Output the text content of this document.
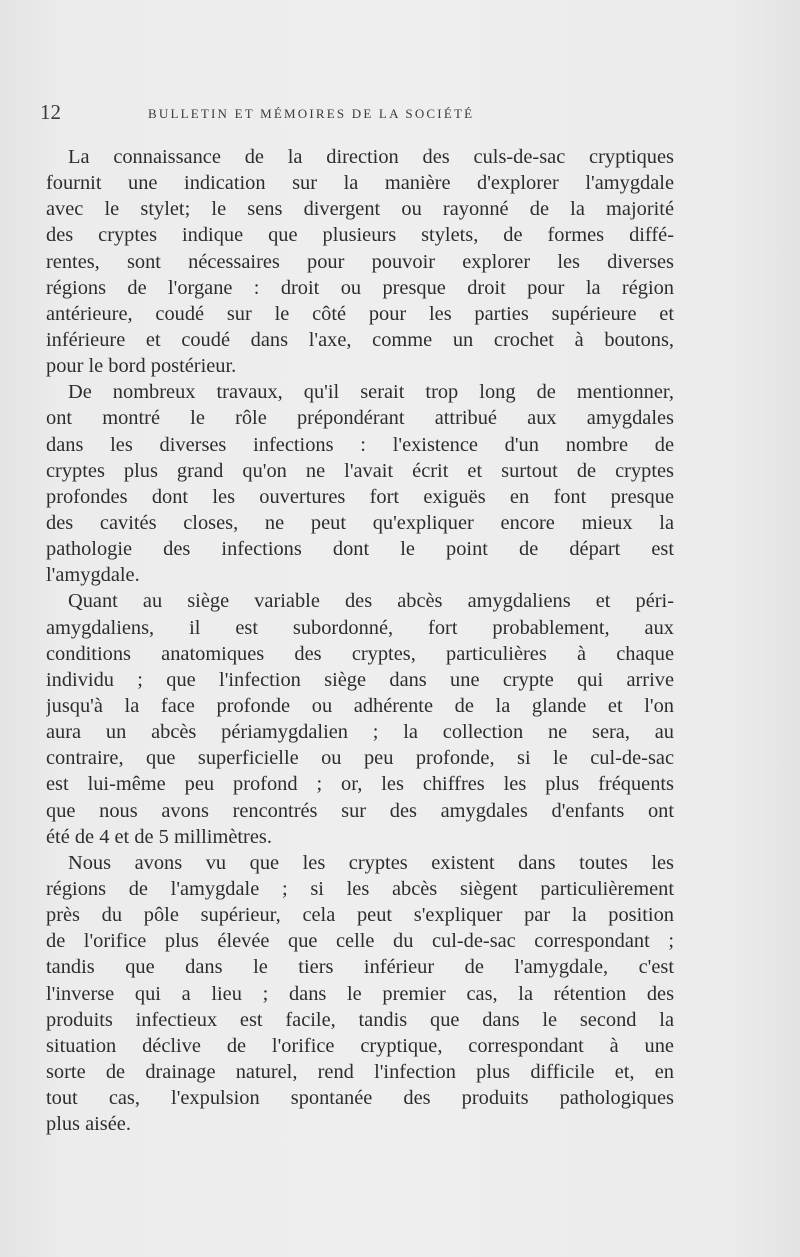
12	BULLETIN ET MÉMOIRES DE LA SOCIÉTÉ
La connaissance de la direction des culs-de-sac cryptiques
fournit une indication sur la manière d'explorer l'amygdale
avec le stylet; le sens divergent ou rayonné de la majorité
des cryptes indique que plusieurs stylets, de formes diffé-
rentes, sont nécessaires pour pouvoir explorer les diverses
régions de l'organe : droit ou presque droit pour la région
antérieure, coudé sur le côté pour les parties supérieure et
inférieure et coudé dans l'axe, comme un crochet à boutons,
pour le bord postérieur.
De nombreux travaux, qu'il serait trop long de mentionner,
ont montré le rôle prépondérant attribué aux amygdales
dans les diverses infections : l'existence d'un nombre de
cryptes plus grand qu'on ne l'avait écrit et surtout de cryptes
profondes dont les ouvertures fort exiguës en font presque
des cavités closes, ne peut qu'expliquer encore mieux la
pathologie des infections dont le point de départ est
l'amygdale.
Quant au siège variable des abcès amygdaliens et péri-
amygdaliens, il est subordonné, fort probablement, aux
conditions anatomiques des cryptes, particulières à chaque
individu ; que l'infection siège dans une crypte qui arrive
jusqu'à la face profonde ou adhérente de la glande et l'on
aura un abcès périamygdalien ; la collection ne sera, au
contraire, que superficielle ou peu profonde, si le cul-de-sac
est lui-même peu profond ; or, les chiffres les plus fréquents
que nous avons rencontrés sur des amygdales d'enfants ont
été de 4 et de 5 millimètres.
Nous avons vu que les cryptes existent dans toutes les
régions de l'amygdale ; si les abcès siègent particulièrement
près du pôle supérieur, cela peut s'expliquer par la position
de l'orifice plus élevée que celle du cul-de-sac correspondant ;
tandis que dans le tiers inférieur de l'amygdale, c'est
l'inverse qui a lieu ; dans le premier cas, la rétention des
produits infectieux est facile, tandis que dans le second la
situation déclive de l'orifice cryptique, correspondant à une
sorte de drainage naturel, rend l'infection plus difficile et, en
tout cas, l'expulsion spontanée des produits pathologiques
plus aisée.
